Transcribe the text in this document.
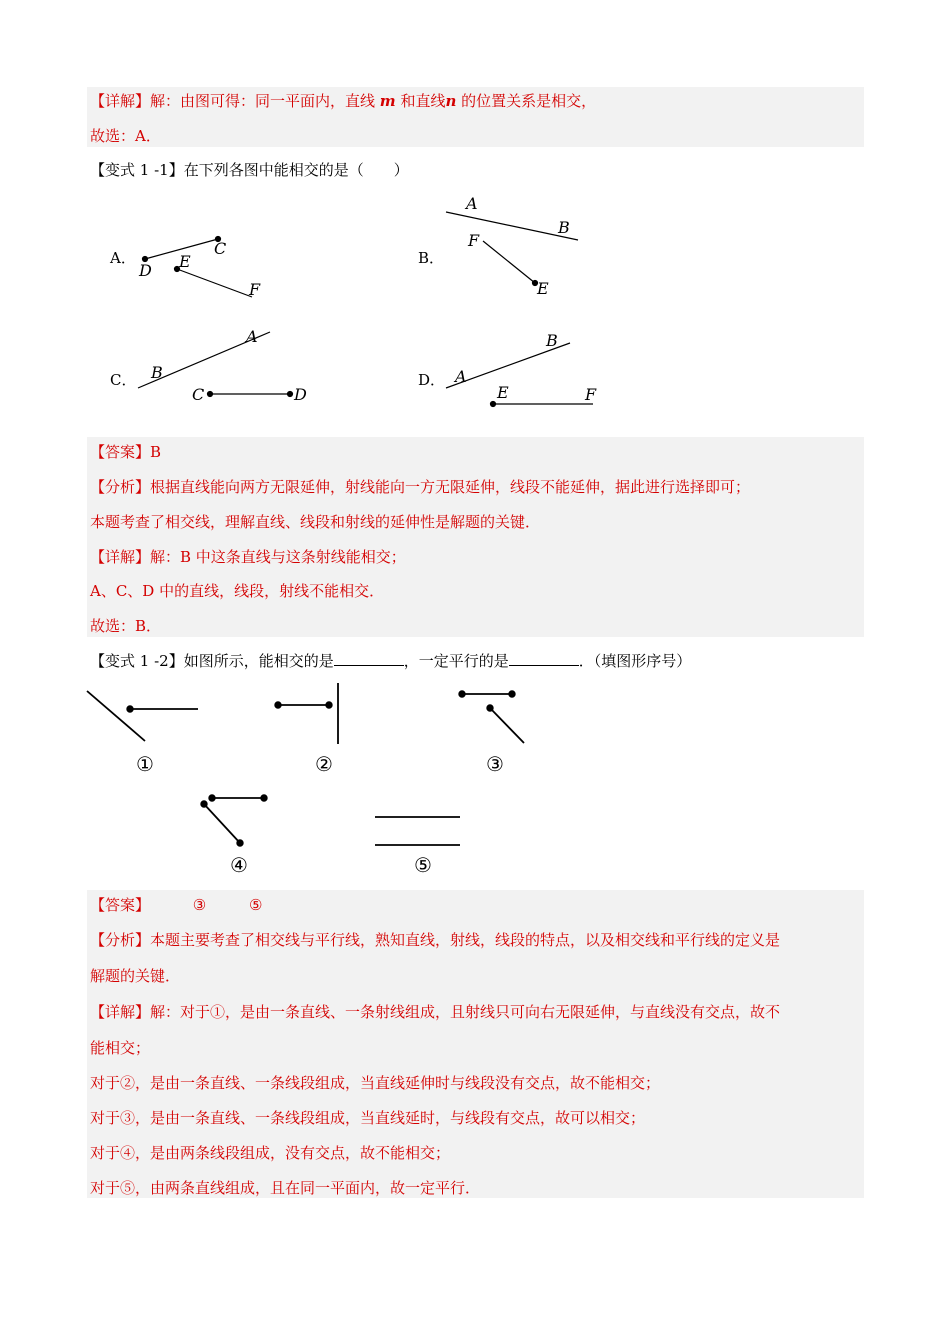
【详解】解：由图可得：同一平面内，直线 m 和直线n 的位置关系是相交，
故选：A．
【变式 1 -1】在下列各图中能相交的是（　　）
A．	B．
C．	D．
D
C
E
F
A
B
F
E
A
B
C	D
B
A
E	F
【答案】B
【分析】根据直线能向两方无限延伸，射线能向一方无限延伸，线段不能延伸，据此进行选择即可；
本题考查了相交线，理解直线、线段和射线的延伸性是解题的关键．
【详解】解：B 中这条直线与这条射线能相交；
A、C、D 中的直线，线段，射线不能相交．
故选：B．
【变式 1 -2】如图所示，能相交的是	，一定平行的是	．（填图形序号）
①	②	③
④	⑤
【答案】	③	⑤
【分析】本题主要考查了相交线与平行线，熟知直线，射线，线段的特点，以及相交线和平行线的定义是
解题的关键．
【详解】解：对于①，是由一条直线、一条射线组成，且射线只可向右无限延伸，与直线没有交点，故不
能相交；
对于②，是由一条直线、一条线段组成，当直线延伸时与线段没有交点，故不能相交；
对于③，是由一条直线、一条线段组成，当直线延时，与线段有交点，故可以相交；
对于④，是由两条线段组成，没有交点，故不能相交；
对于⑤，由两条直线组成，且在同一平面内，故一定平行．
